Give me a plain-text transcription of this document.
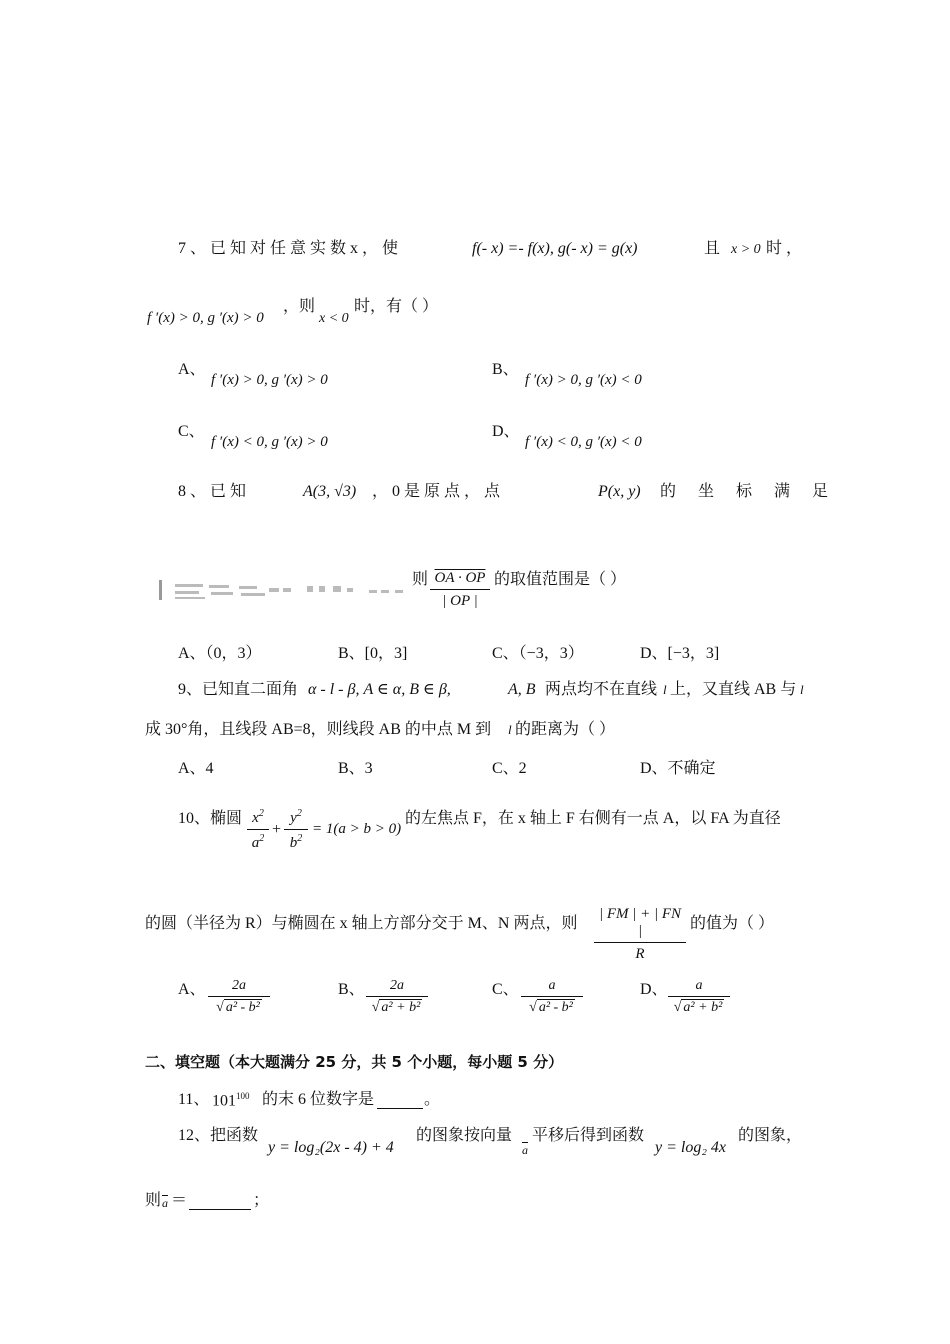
7 、 已 知 对 任 意 实 数 x ， 使	f(- x) =- f(x), g(- x) = g(x)	且 x > 0 时 ，
f ′(x) > 0, g ′(x) > 0
，则
x < 0
时，有（ ）
A、
f ′(x) > 0, g ′(x) > 0
B、
f ′(x) > 0, g ′(x) < 0
C、
f ′(x) < 0, g ′(x) > 0
D、
f ′(x) < 0, g ′(x) < 0
8 、 已 知	A(3, √3) ， 0 是 原 点 ， 点	P(x, y) 的 坐 标 满 足
则 OA · OP
| OP |
的取值范围是（ ）
A、（0，3）	B、[0，3]	C、（−3，3）	D、[−3，3]
9、已知直二面角 α - l - β, A ∈ α, B ∈ β,	A, B 两点均不在直线 l 上，又直线 AB 与 l
成 30°角，且线段 AB=8，则线段 AB 的中点 M 到 l 的距离为（ ）
A、4	B、3	C、2	D、不确定
10、椭圆 $x^2$
$a^2$
+
$y^2$
$b^2$
= 1(a > b > 0)
的左焦点 F，在 x 轴上 F 右侧有一点 A，以 FA 为直径
的圆（半径为 R）与椭圆在 x 轴上方部分交于 M、N 两点，则
| FM | + | FN |
R
的值为（ ）
A、	2a
√ a² - b²
B、	2a
√ a² + b²
C、	a
√ a² - b²
D、	a
√ a² + b²
二、填空题（本大题满分 25 分，共 5 个小题，每小题 5 分）
11、 $101^{100}$ 的末 6 位数字是	。
12、把函数
y = log₂(2x - 4) + 4
的图象按向量
$\overline{a}$
平移后得到函数
y = log₂ 4x
的图象，
则 $\overline{a}$ ＝	；
